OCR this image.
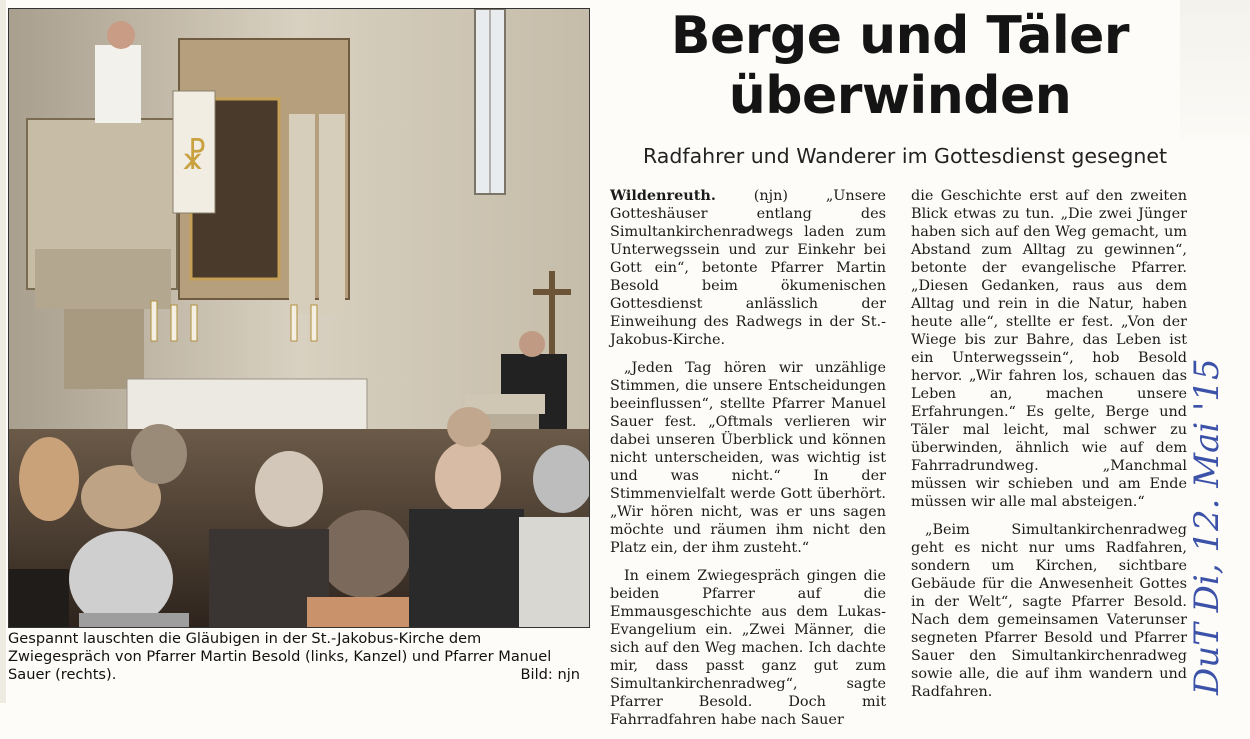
☧
Gespannt lauschten die Gläubigen in der St.-Jakobus-Kirche dem Zwiegespräch von Pfarrer Martin Besold (links, Kanzel) und Pfarrer Manuel Sauer (rechts).	Bild: njn
Berge und Täler
überwinden

Radfahrer und Wanderer im Gottesdienst gesegnet

Wildenreuth. (njn) „Unsere Gotteshäuser entlang des Simultankirchenradwegs laden zum Unterwegssein und zur Einkehr bei Gott ein“, betonte Pfarrer Martin Besold beim ökumenischen Gottesdienst anlässlich der Einweihung des Radwegs in der St.-Jakobus-Kirche.

„Jeden Tag hören wir unzählige Stimmen, die unsere Entscheidungen beeinflussen“, stellte Pfarrer Manuel Sauer fest. „Oftmals verlieren wir dabei unseren Überblick und können nicht unterscheiden, was wichtig ist und was nicht.“ In der Stimmenvielfalt werde Gott überhört. „Wir hören nicht, was er uns sagen möchte und räumen ihm nicht den Platz ein, der ihm zusteht.“

In einem Zwiegespräch gingen die beiden Pfarrer auf die Emmausgeschichte aus dem Lukas-Evangelium ein. „Zwei Männer, die sich auf den Weg machen. Ich dachte mir, dass passt ganz gut zum Simultankirchenradweg“, sagte Pfarrer Besold. Doch mit Fahrradfahren habe nach Sauer

die Geschichte erst auf den zweiten Blick etwas zu tun. „Die zwei Jünger haben sich auf den Weg gemacht, um Abstand zum Alltag zu gewinnen“, betonte der evangelische Pfarrer. „Diesen Gedanken, raus aus dem Alltag und rein in die Natur, haben heute alle“, stellte er fest. „Von der Wiege bis zur Bahre, das Leben ist ein Unterwegssein“, hob Besold hervor. „Wir fahren los, schauen das Leben an, machen unsere Erfahrungen.“ Es gelte, Berge und Täler mal leicht, mal schwer zu überwinden, ähnlich wie auf dem Fahrradrundweg. „Manchmal müssen wir schieben und am Ende müssen wir alle mal absteigen.“

„Beim Simultankirchenradweg geht es nicht nur ums Radfahren, sondern um Kirchen, sichtbare Gebäude für die Anwesenheit Gottes in der Welt“, sagte Pfarrer Besold. Nach dem gemeinsamen Vaterunser segneten Pfarrer Besold und Pfarrer Sauer den Simultankirchenradweg sowie alle, die auf ihm wandern und Radfahren.	DuT Di, 12. Mai '15
